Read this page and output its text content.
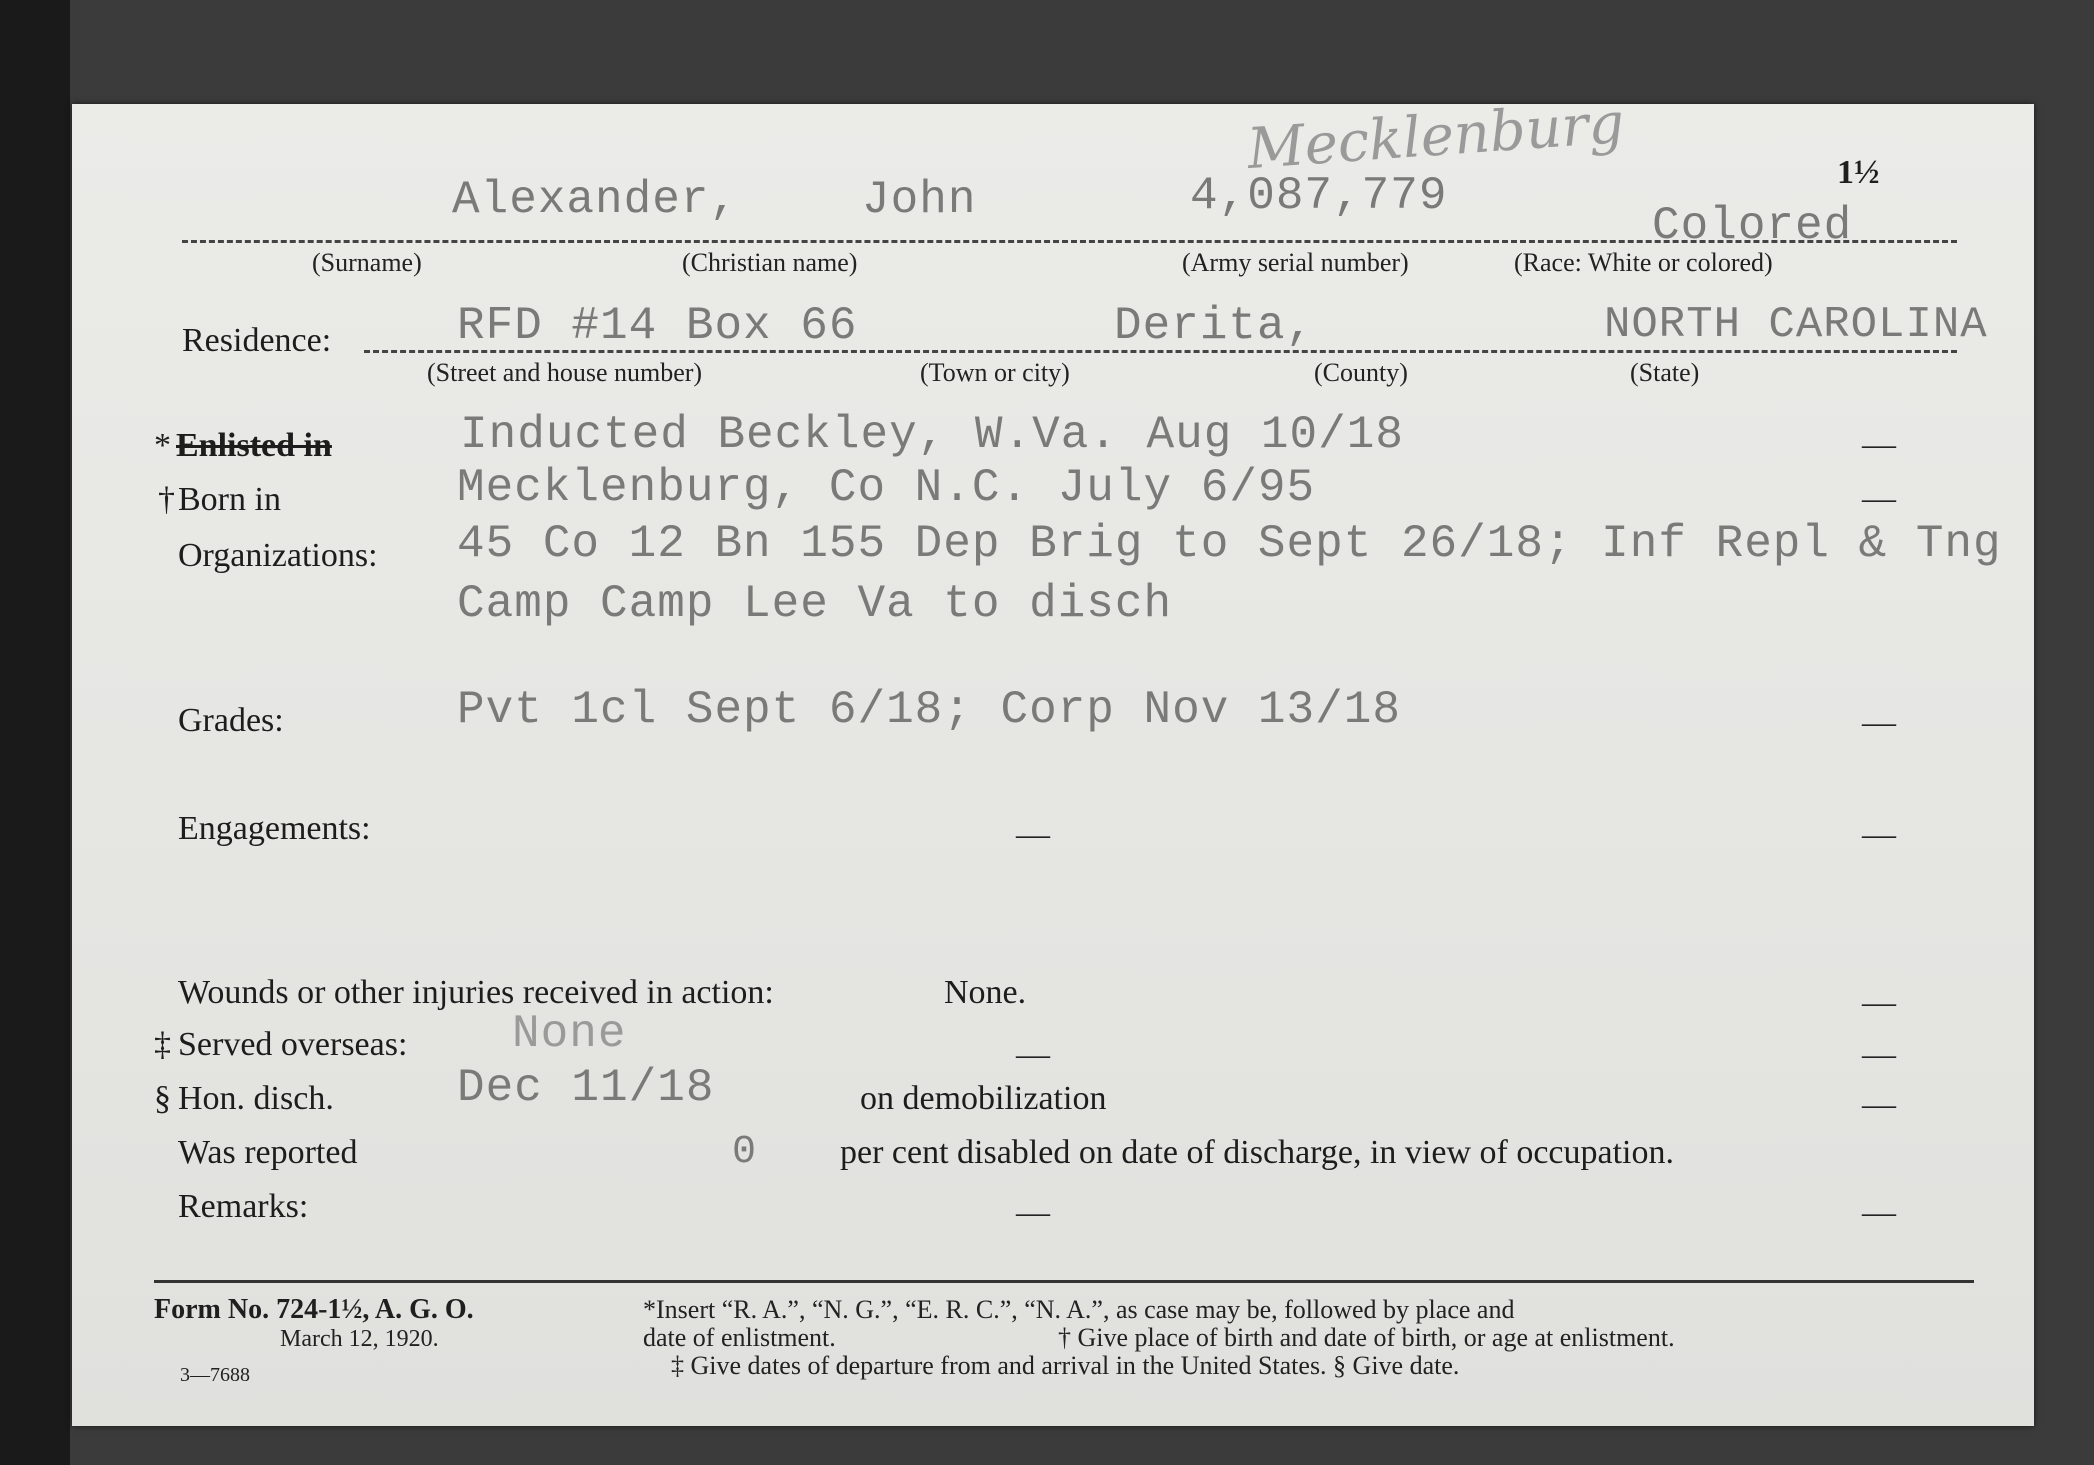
Mecklenburg	1½
Alexander,	John	4,087,779
Colored
(Surname)	(Christian name)	(Army serial number)	(Race: White or colored)
Residence:	RFD #14 Box 66	Derita,	NORTH CAROLINA
(Street and house number)	(Town or city)	(County)	(State)
* Enlisted in	Inducted Beckley, W.Va. Aug 10/18	—
† Born in	Mecklenburg, Co N.C. July 6/95	—
Organizations: 45 Co 12 Bn 155 Dep Brig to Sept 26/18; Inf Repl & Tng
Camp Camp Lee Va to disch
Grades:	Pvt 1cl Sept 6/18; Corp Nov 13/18	—
Engagements:	—	—
Wounds or other injuries received in action:	None.	—
‡ Served overseas: None	—	—
§ Hon. disch.	Dec 11/18	on demobilization	—
Was reported	0 per cent disabled on date of discharge, in view of occupation.
Remarks:	—	—
Form No. 724-1½, A. G. O.
March 12, 1920.
3—7688
*Insert “R. A.”, “N. G.”, “E. R. C.”, “N. A.”, as case may be, followed by place and
date of enlistment.	† Give place of birth and date of birth, or age at enlistment.
‡ Give dates of departure from and arrival in the United States. § Give date.
